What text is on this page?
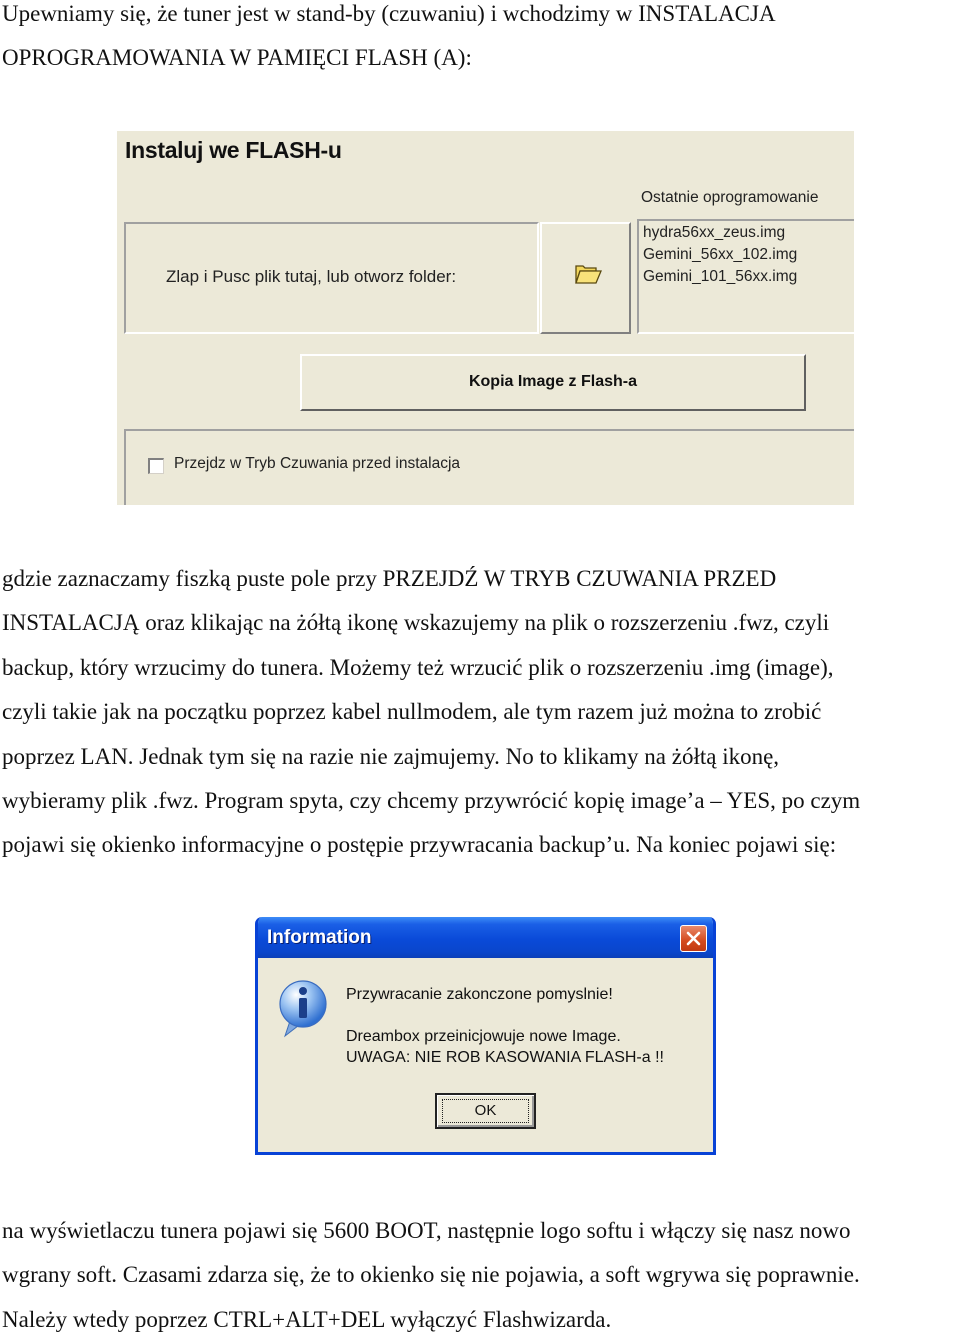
Upewniamy się, że tuner jest w stand-by (czuwaniu) i wchodzimy w INSTALACJA
OPROGRAMOWANIA W PAMIĘCI FLASH (A):

Instaluj we FLASH-u
Zlap i Pusc plik tutaj, lub otworz folder:
Ostatnie oprogramowanie
hydra56xx_zeus.img
Gemini_56xx_102.img
Gemini_101_56xx.img
Kopia Image z Flash-a
Przejdz w Tryb Czuwania przed instalacja

gdzie zaznaczamy fiszką puste pole przy PRZEJDŹ W TRYB CZUWANIA PRZED
INSTALACJĄ oraz klikając na żółtą ikonę wskazujemy na plik o rozszerzeniu .fwz, czyli
backup, który wrzucimy do tunera. Możemy też wrzucić plik o rozszerzeniu .img (image),
czyli takie jak na początku poprzez kabel nullmodem, ale tym razem już można to zrobić
poprzez LAN. Jednak tym się na razie nie zajmujemy. No to klikamy na żółtą ikonę,
wybieramy plik .fwz. Program spyta, czy chcemy przywrócić kopię image’a – YES, po czym
pojawi się okienko informacyjne o postępie przywracania backup’u. Na koniec pojawi się:

Information
Przywracanie zakonczone pomyslnie!
Dreambox przeinicjowuje nowe Image.
UWAGA: NIE ROB KASOWANIA FLASH-a !!
OK

na wyświetlaczu tunera pojawi się 5600 BOOT, następnie logo softu i włączy się nasz nowo
wgrany soft. Czasami zdarza się, że to okienko się nie pojawia, a soft wgrywa się poprawnie.
Należy wtedy poprzez CTRL+ALT+DEL wyłączyć Flashwizarda.
